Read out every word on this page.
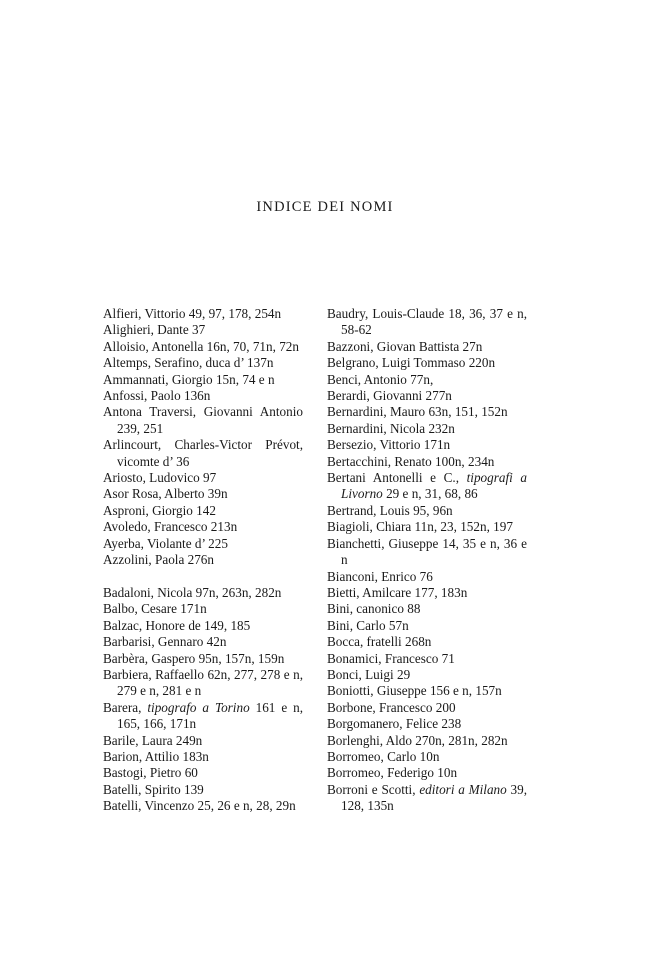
INDICE DEI NOMI
Alfieri, Vittorio 49, 97, 178, 254n
Alighieri, Dante 37
Alloisio, Antonella 16n, 70, 71n, 72n
Altemps, Serafino, duca d’ 137n
Ammannati, Giorgio 15n, 74 e n
Anfossi, Paolo 136n
Antona Traversi, Giovanni Antonio 239, 251
Arlincourt, Charles-Victor Prévot, vicomte d’ 36
Ariosto, Ludovico 97
Asor Rosa, Alberto 39n
Asproni, Giorgio 142
Avoledo, Francesco 213n
Ayerba, Violante d’ 225
Azzolini, Paola 276n
Badaloni, Nicola 97n, 263n, 282n
Balbo, Cesare 171n
Balzac, Honore de 149, 185
Barbarisi, Gennaro 42n
Barbèra, Gaspero 95n, 157n, 159n
Barbiera, Raffaello 62n, 277, 278 e n, 279 e n, 281 e n
Barera, tipografo a Torino 161 e n, 165, 166, 171n
Barile, Laura 249n
Barion, Attilio 183n
Bastogi, Pietro 60
Batelli, Spirito 139
Batelli, Vincenzo 25, 26 e n, 28, 29n
Baudry, Louis-Claude 18, 36, 37 e n, 58-62
Bazzoni, Giovan Battista 27n
Belgrano, Luigi Tommaso 220n
Benci, Antonio 77n,
Berardi, Giovanni 277n
Bernardini, Mauro 63n, 151, 152n
Bernardini, Nicola 232n
Bersezio, Vittorio 171n
Bertacchini, Renato 100n, 234n
Bertani Antonelli e C., tipografi a Livorno 29 e n, 31, 68, 86
Bertrand, Louis 95, 96n
Biagioli, Chiara 11n, 23, 152n, 197
Bianchetti, Giuseppe 14, 35 e n, 36 e n
Bianconi, Enrico 76
Bietti, Amilcare 177, 183n
Bini, canonico 88
Bini, Carlo 57n
Bocca, fratelli 268n
Bonamici, Francesco 71
Bonci, Luigi 29
Boniotti, Giuseppe 156 e n, 157n
Borbone, Francesco 200
Borgomanero, Felice 238
Borlenghi, Aldo 270n, 281n, 282n
Borromeo, Carlo 10n
Borromeo, Federigo 10n
Borroni e Scotti, editori a Milano 39, 128, 135n
